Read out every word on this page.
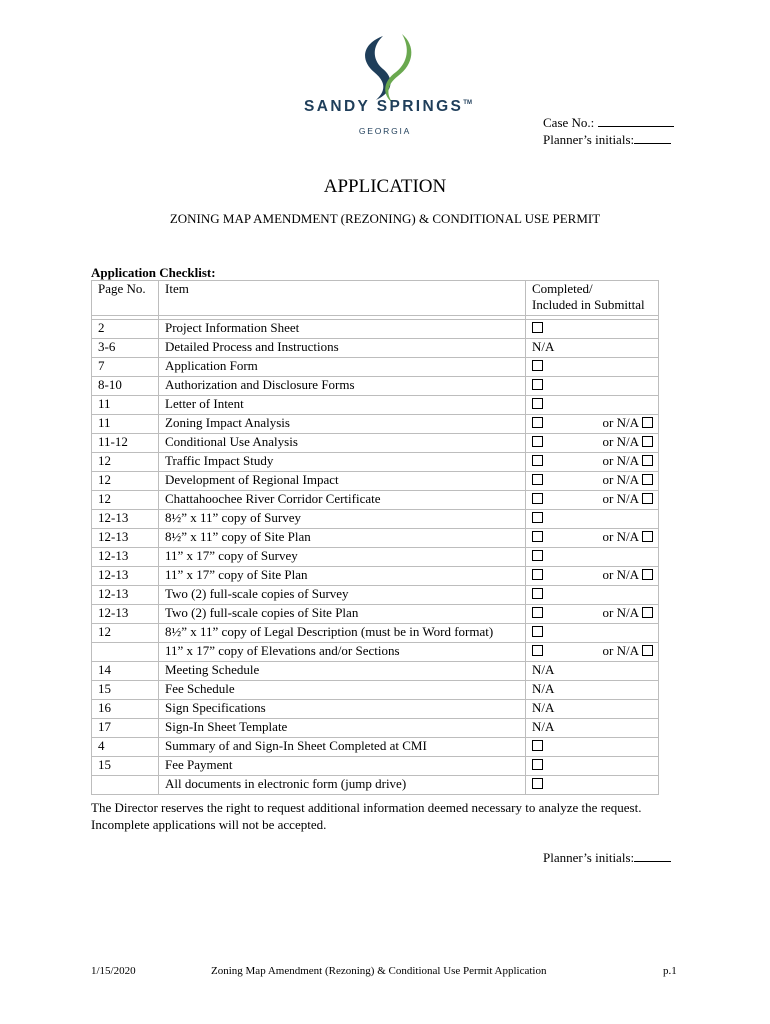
SANDY SPRINGS™
GEORGIA
Case No.:
Planner’s initials:
APPLICATION
ZONING MAP AMENDMENT (REZONING) & CONDITIONAL USE PERMIT
Application Checklist:
Page No.	Item	Completed/
Included in Submittal

2	Project Information Sheet	
3-6	Detailed Process and Instructions	N/A
7	Application Form	
8-10	Authorization and Disclosure Forms	
11	Letter of Intent	
11	Zoning Impact Analysis	or N/A

11-12	Conditional Use Analysis	or N/A

12	Traffic Impact Study	or N/A

12	Development of Regional Impact	or N/A

12	Chattahoochee River Corridor Certificate	or N/A

12-13	8½” x 11” copy of Survey	
12-13	8½” x 11” copy of Site Plan	or N/A

12-13	11” x 17” copy of Survey	
12-13	11” x 17” copy of Site Plan	or N/A

12-13	Two (2) full-scale copies of Survey	
12-13	Two (2) full-scale copies of Site Plan	or N/A

12	8½” x 11” copy of Legal Description (must be in Word format)	
	11” x 17” copy of Elevations and/or Sections	or N/A

14	Meeting Schedule	N/A
15	Fee Schedule	N/A
16	Sign Specifications	N/A
17	Sign-In Sheet Template	N/A
4	Summary of and Sign-In Sheet Completed at CMI	
15	Fee Payment	
	All documents in electronic form (jump drive)	
The Director reserves the right to request additional information deemed necessary to analyze the request.
Incomplete applications will not be accepted.
Planner’s initials:
1/15/2020	Zoning Map Amendment (Rezoning) & Conditional Use Permit Application	p.1
